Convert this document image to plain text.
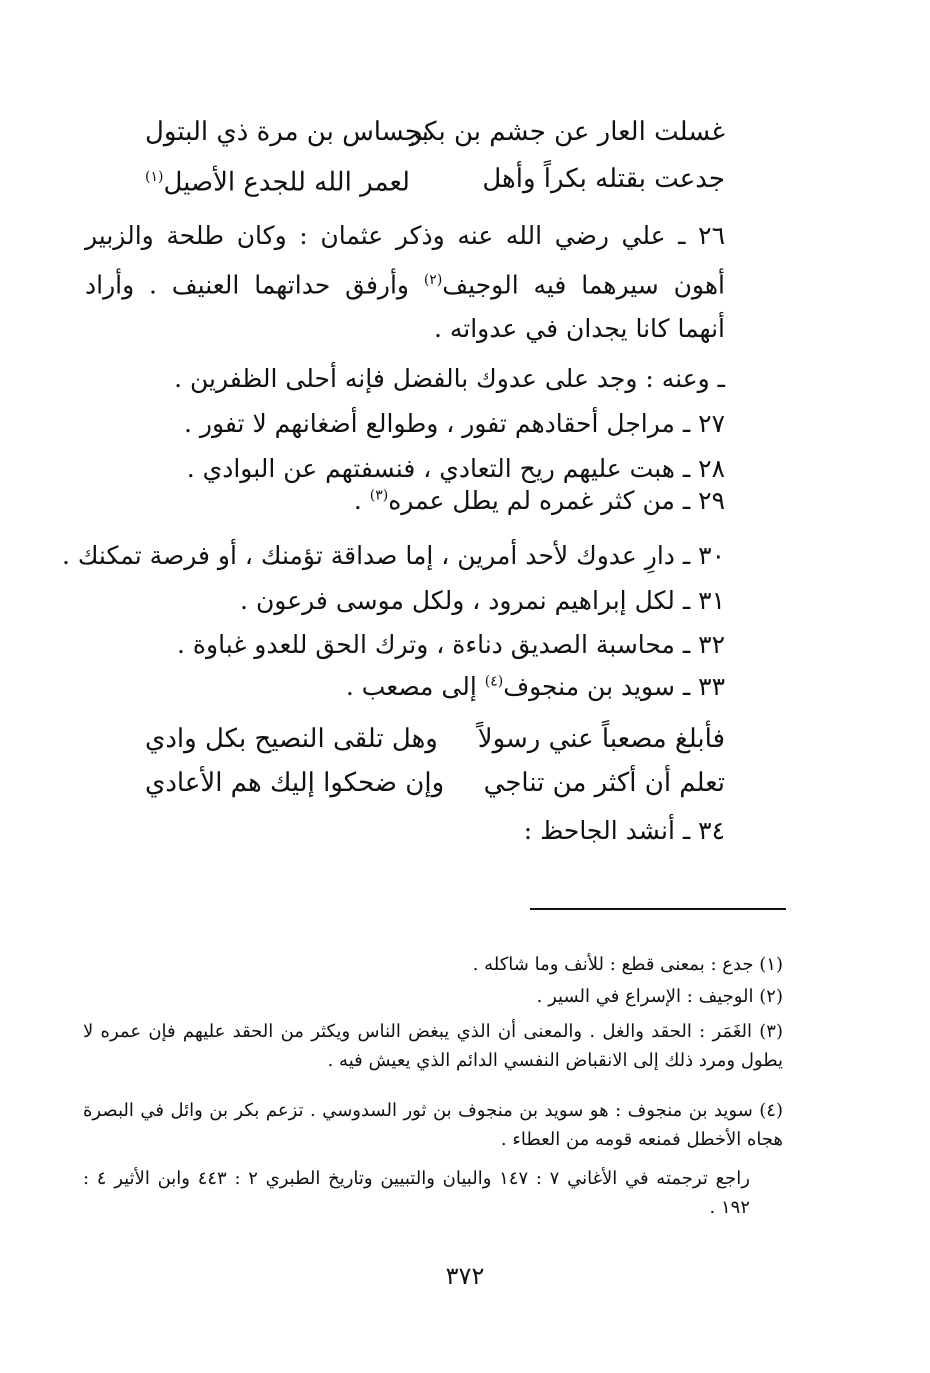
غسلت العار عن جشم بن بكر
بجساس بن مرة ذي البتول
جدعت بقتله بكراً وأهل
لعمر الله للجدع الأصيل$^{(١)}$
٢٦ ـ علي رضي الله عنه وذكر عثمان : وكان طلحة والزبير أهون سيرهما فيه الوجيف$^{(٢)}$ وأرفق حداتهما العنيف . وأراد أنهما كانا يجدان في عدواته .
ـ وعنه : وجد على عدوك بالفضل فإنه أحلى الظفرين .
٢٧ ـ مراجل أحقادهم تفور ، وطوالع أضغانهم لا تفور .
٢٨ ـ هبت عليهم ريح التعادي ، فنسفتهم عن البوادي .
٢٩ ـ من كثر غمره لم يطل عمره$^{(٣)}$ .
٣٠ ـ دارِ عدوك لأحد أمرين ، إما صداقة تؤمنك ، أو فرصة تمكنك .
٣١ ـ لكل إبراهيم نمرود ، ولكل موسى فرعون .
٣٢ ـ محاسبة الصديق دناءة ، وترك الحق للعدو غباوة .
٣٣ ـ سويد بن منجوف$^{(٤)}$ إلى مصعب .
فأبلغ مصعباً عني رسولاً
وهل تلقى النصيح بكل وادي
تعلم أن أكثر من تناجي
وإن ضحكوا إليك هم الأعادي
٣٤ ـ أنشد الجاحظ :
(١) جدع : بمعنى قطع : للأنف وما شاكله .
(٢) الوجيف : الإسراع في السير .
(٣) الغَمَر : الحقد والغل . والمعنى أن الذي يبغض الناس ويكثر من الحقد عليهم فإن عمره لا يطول ومرد ذلك إلى الانقباض النفسي الدائم الذي يعيش فيه .
(٤) سويد بن منجوف : هو سويد بن منجوف بن ثور السدوسي . تزعم بكر بن وائل في البصرة هجاه الأخطل فمنعه قومه من العطاء .
راجع ترجمته في الأغاني ٧ : ١٤٧ والبيان والتبيين وتاريخ الطبري ٢ : ٤٤٣ وابن الأثير ٤ : ١٩٢ .
٣٧٢
